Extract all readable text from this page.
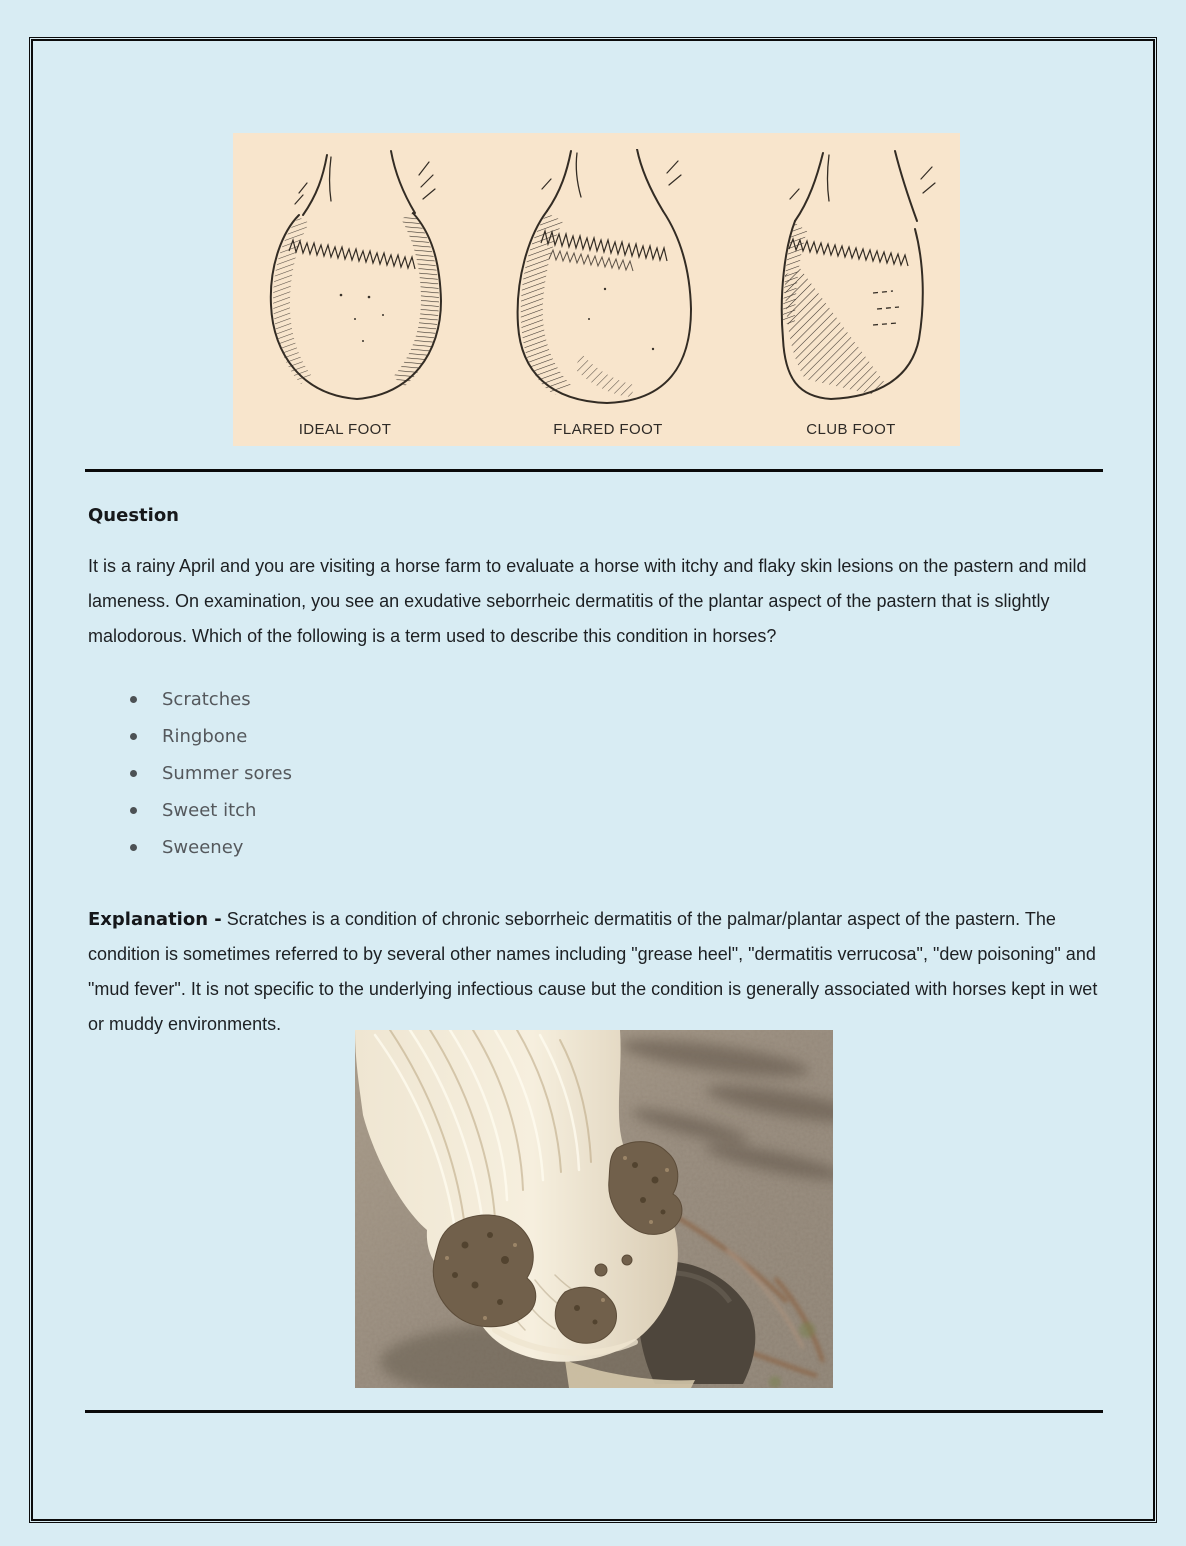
IDEAL FOOT	FLARED FOOT	CLUB FOOT
Question

It is a rainy April and you are visiting a horse farm to evaluate a horse with itchy and flaky skin lesions on the pastern and mild lameness. On examination, you see an exudative seborrheic dermatitis of the plantar aspect of the pastern that is slightly malodorous. Which of the following is a term used to describe this condition in horses?

Scratches
Ringbone
Summer sores
Sweet itch
Sweeney

Explanation - Scratches is a condition of chronic seborrheic dermatitis of the palmar/plantar aspect of the pastern. The condition is sometimes referred to by several other names including "grease heel", "dermatitis verrucosa", "dew poisoning" and "mud fever". It is not specific to the underlying infectious cause but the condition is generally associated with horses kept in wet or muddy environments.
